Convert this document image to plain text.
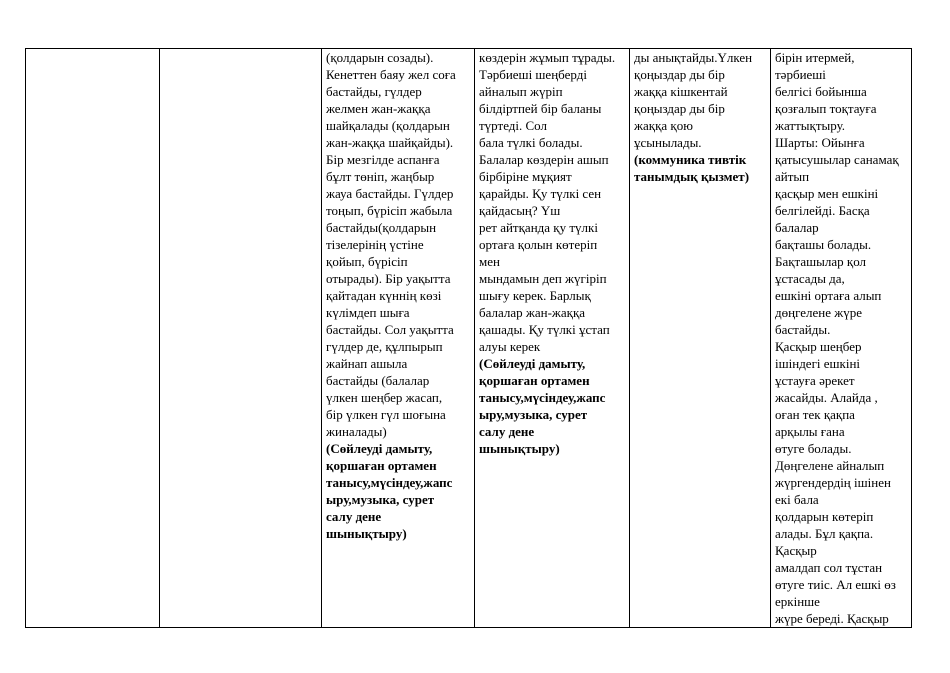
		(қолдарын созады).
Кенеттен баяу жел соға
бастайды, гүлдер
желмен жан-жаққа
шайқалады (қолдарын
жан-жаққа шайқайды).
Бір мезгілде аспанға
бұлт төніп, жаңбыр
жауа бастайды. Гүлдер
тоңып, бүрісіп жабыла
бастайды(қолдарын
тізелерінің үстіне
қойып, бүрісіп
отырады). Бір уақытта
қайтадан күннің көзі
күлімдеп шыға
бастайды. Сол уақытта
гүлдер де, құлпырып
жайнап ашыла
бастайды (балалар
үлкен шеңбер жасап,
бір үлкен гүл шоғына
жиналады)
(Сөйлеуді дамыту,
қоршаған ортамен
танысу,мүсіндеу,жапс
ыру,музыка, сурет
салу дене
шынықтыру)	көздерін жұмып тұрады.
Тәрбиеші шеңберді
айналып жүріп
білдіртпей бір баланы
түртеді. Сол
бала түлкі болады.
Балалар көздерін ашып
бірбіріне мұқият
қарайды. Қу түлкі сен
қайдасың? Үш
рет айтқанда қу түлкі
ортаға қолын көтеріп
мен
мындамын деп жүгіріп
шығу керек. Барлық
балалар жан-жаққа
қашады. Қу түлкі ұстап
алуы керек
(Сөйлеуді дамыту,
қоршаған ортамен
танысу,мүсіндеу,жапс
ыру,музыка, сурет
салу дене
шынықтыру)	ды анықтайды.Үлкен
қоңыздар ды бір
жаққа кішкентай
қоңыздар ды бір
жаққа қою
ұсынылады.
(коммуника тивтік
танымдық қызмет)	бірін итермей,
тәрбиеші
белгісі бойынша
қозғалып тоқтауға
жаттықтыру.
Шарты: Ойынға
қатысушылар санамақ
айтып
қасқыр мен ешкіні
белгілейді. Басқа
балалар
бақташы болады.
Бақташылар қол
ұстасады да,
ешкіні ортаға алып
дөңгелене жүре
бастайды.
Қасқыр шеңбер
ішіндегі ешкіні
ұстауға әрекет
жасайды. Алайда ,
оған тек қақпа
арқылы ғана
өтуге болады.
Дөңгелене айналып
жүргендердің ішінен
екі бала
қолдарын көтеріп
алады. Бұл қақпа.
Қасқыр
амалдап сол тұстан
өтуге тиіс. Ал ешкі өз
еркінше
жүре береді. Қасқыр
